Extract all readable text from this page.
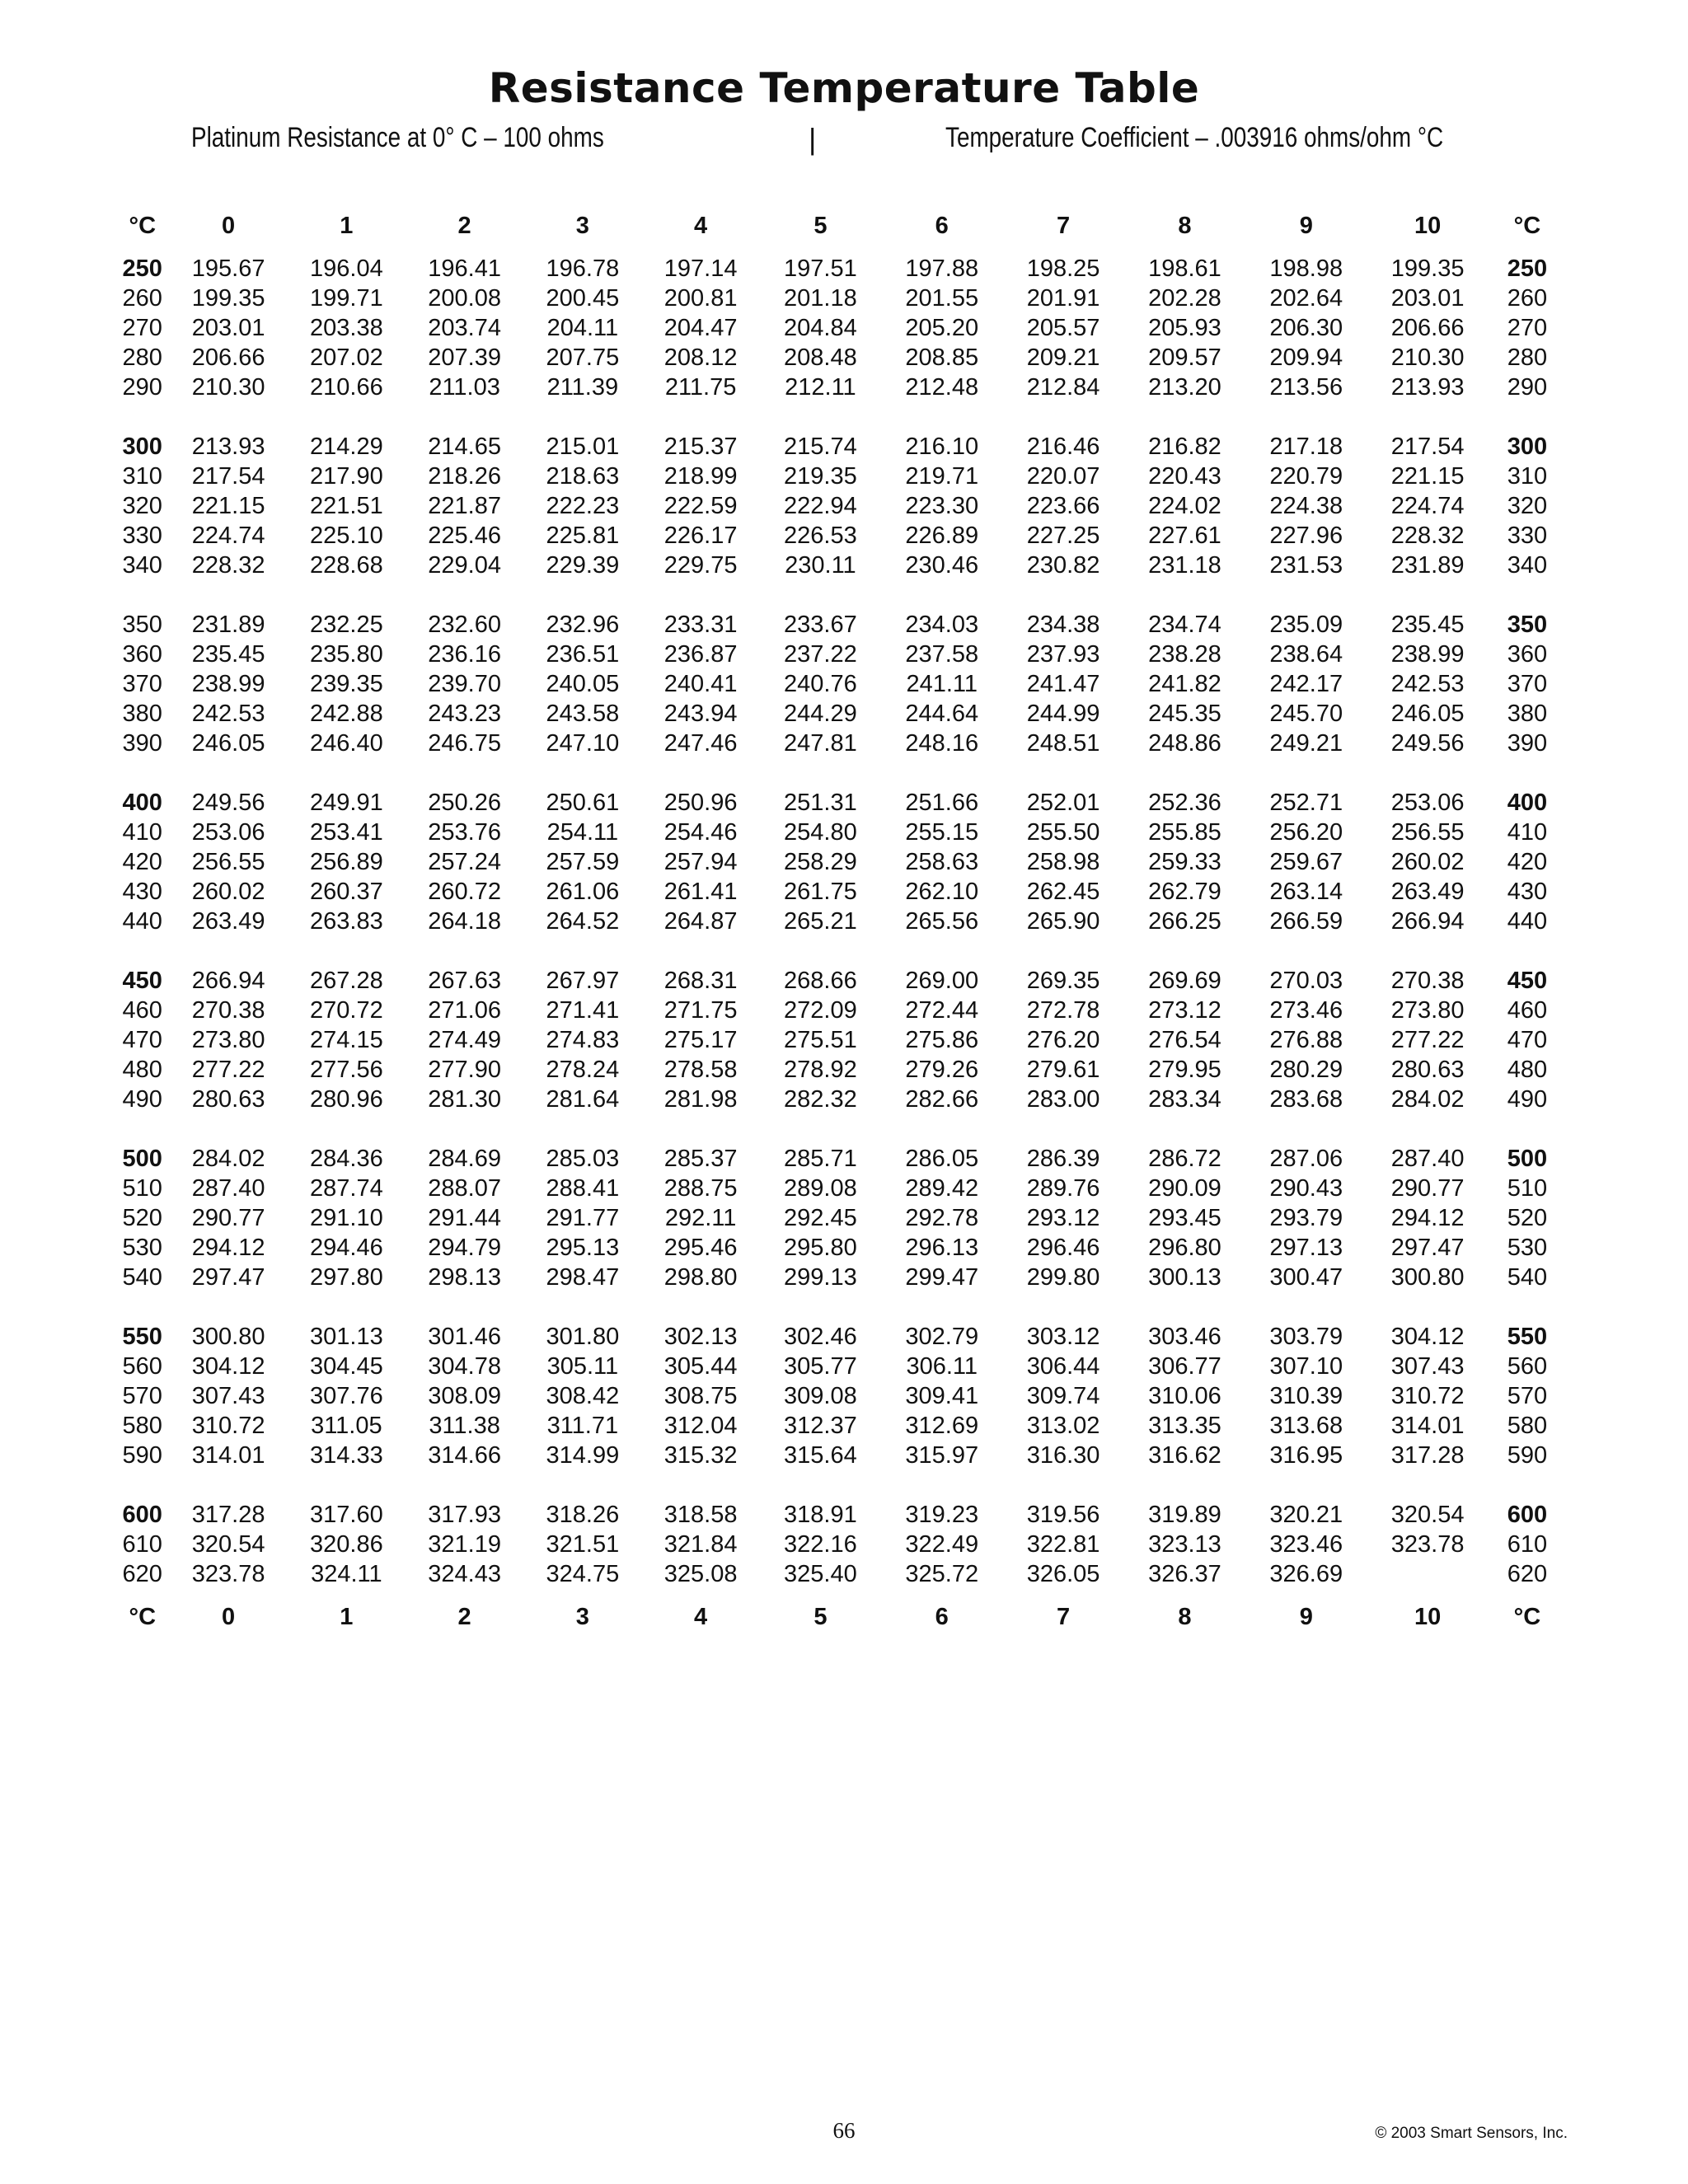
Resistance Temperature Table
Platinum Resistance at 0° C – 100 ohms	|	Temperature Coefficient – .003916 ohms/ohm °C
°C	0	1	2	3	4	5	6	7	8	9	10	°C

250	195.67	196.04	196.41	196.78	197.14	197.51	197.88	198.25	198.61	198.98	199.35	250
260	199.35	199.71	200.08	200.45	200.81	201.18	201.55	201.91	202.28	202.64	203.01	260
270	203.01	203.38	203.74	204.11	204.47	204.84	205.20	205.57	205.93	206.30	206.66	270
280	206.66	207.02	207.39	207.75	208.12	208.48	208.85	209.21	209.57	209.94	210.30	280
290	210.30	210.66	211.03	211.39	211.75	212.11	212.48	212.84	213.20	213.56	213.93	290

300	213.93	214.29	214.65	215.01	215.37	215.74	216.10	216.46	216.82	217.18	217.54	300
310	217.54	217.90	218.26	218.63	218.99	219.35	219.71	220.07	220.43	220.79	221.15	310
320	221.15	221.51	221.87	222.23	222.59	222.94	223.30	223.66	224.02	224.38	224.74	320
330	224.74	225.10	225.46	225.81	226.17	226.53	226.89	227.25	227.61	227.96	228.32	330
340	228.32	228.68	229.04	229.39	229.75	230.11	230.46	230.82	231.18	231.53	231.89	340

350	231.89	232.25	232.60	232.96	233.31	233.67	234.03	234.38	234.74	235.09	235.45	350
360	235.45	235.80	236.16	236.51	236.87	237.22	237.58	237.93	238.28	238.64	238.99	360
370	238.99	239.35	239.70	240.05	240.41	240.76	241.11	241.47	241.82	242.17	242.53	370
380	242.53	242.88	243.23	243.58	243.94	244.29	244.64	244.99	245.35	245.70	246.05	380
390	246.05	246.40	246.75	247.10	247.46	247.81	248.16	248.51	248.86	249.21	249.56	390

400	249.56	249.91	250.26	250.61	250.96	251.31	251.66	252.01	252.36	252.71	253.06	400
410	253.06	253.41	253.76	254.11	254.46	254.80	255.15	255.50	255.85	256.20	256.55	410
420	256.55	256.89	257.24	257.59	257.94	258.29	258.63	258.98	259.33	259.67	260.02	420
430	260.02	260.37	260.72	261.06	261.41	261.75	262.10	262.45	262.79	263.14	263.49	430
440	263.49	263.83	264.18	264.52	264.87	265.21	265.56	265.90	266.25	266.59	266.94	440

450	266.94	267.28	267.63	267.97	268.31	268.66	269.00	269.35	269.69	270.03	270.38	450
460	270.38	270.72	271.06	271.41	271.75	272.09	272.44	272.78	273.12	273.46	273.80	460
470	273.80	274.15	274.49	274.83	275.17	275.51	275.86	276.20	276.54	276.88	277.22	470
480	277.22	277.56	277.90	278.24	278.58	278.92	279.26	279.61	279.95	280.29	280.63	480
490	280.63	280.96	281.30	281.64	281.98	282.32	282.66	283.00	283.34	283.68	284.02	490

500	284.02	284.36	284.69	285.03	285.37	285.71	286.05	286.39	286.72	287.06	287.40	500
510	287.40	287.74	288.07	288.41	288.75	289.08	289.42	289.76	290.09	290.43	290.77	510
520	290.77	291.10	291.44	291.77	292.11	292.45	292.78	293.12	293.45	293.79	294.12	520
530	294.12	294.46	294.79	295.13	295.46	295.80	296.13	296.46	296.80	297.13	297.47	530
540	297.47	297.80	298.13	298.47	298.80	299.13	299.47	299.80	300.13	300.47	300.80	540

550	300.80	301.13	301.46	301.80	302.13	302.46	302.79	303.12	303.46	303.79	304.12	550
560	304.12	304.45	304.78	305.11	305.44	305.77	306.11	306.44	306.77	307.10	307.43	560
570	307.43	307.76	308.09	308.42	308.75	309.08	309.41	309.74	310.06	310.39	310.72	570
580	310.72	311.05	311.38	311.71	312.04	312.37	312.69	313.02	313.35	313.68	314.01	580
590	314.01	314.33	314.66	314.99	315.32	315.64	315.97	316.30	316.62	316.95	317.28	590

600	317.28	317.60	317.93	318.26	318.58	318.91	319.23	319.56	319.89	320.21	320.54	600
610	320.54	320.86	321.19	321.51	321.84	322.16	322.49	322.81	323.13	323.46	323.78	610
620	323.78	324.11	324.43	324.75	325.08	325.40	325.72	326.05	326.37	326.69		620

°C	0	1	2	3	4	5	6	7	8	9	10	°C
66	© 2003 Smart Sensors, Inc.
